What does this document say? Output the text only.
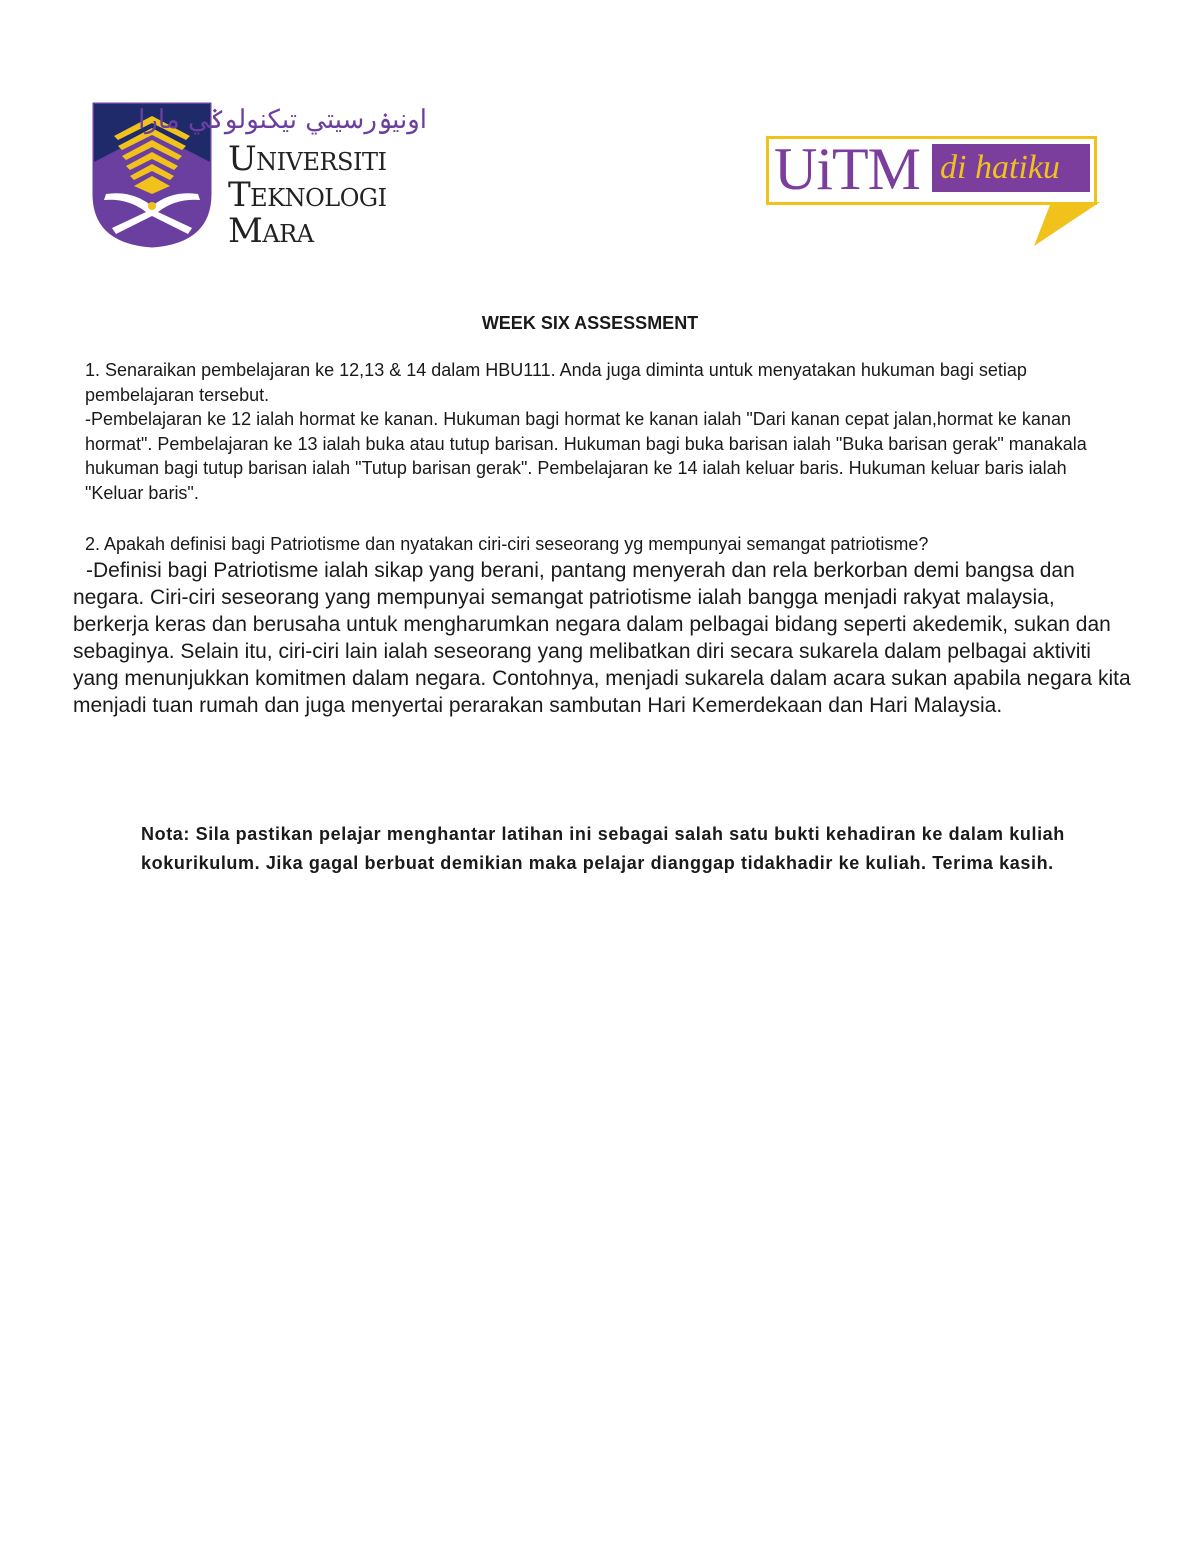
اونيۏرسيتي تيكنولوݢي مارا
Universiti
Teknologi
Mara
UiTM di hatiku
WEEK SIX ASSESSMENT

1. Senaraikan pembelajaran ke 12,13 & 14 dalam HBU111. Anda juga diminta untuk menyatakan hukuman bagi setiap pembelajaran tersebut.

-Pembelajaran ke 12 ialah hormat ke kanan. Hukuman bagi hormat ke kanan ialah "Dari kanan cepat jalan,hormat ke kanan hormat". Pembelajaran ke 13 ialah buka atau tutup barisan. Hukuman bagi buka barisan ialah "Buka barisan gerak" manakala hukuman bagi tutup barisan ialah "Tutup barisan gerak". Pembelajaran ke 14 ialah keluar baris. Hukuman keluar baris ialah "Keluar baris".

2. Apakah definisi bagi Patriotisme dan nyatakan ciri-ciri seseorang yg mempunyai semangat patriotisme?

-Definisi bagi Patriotisme ialah sikap yang berani, pantang menyerah dan rela berkorban demi bangsa dan negara. Ciri-ciri seseorang yang mempunyai semangat patriotisme ialah bangga menjadi rakyat malaysia, berkerja keras dan berusaha untuk mengharumkan negara dalam pelbagai bidang seperti akedemik, sukan dan sebaginya. Selain itu, ciri-ciri lain ialah seseorang yang melibatkan diri secara sukarela dalam pelbagai aktiviti yang menunjukkan komitmen dalam negara. Contohnya, menjadi sukarela dalam acara sukan apabila negara kita menjadi tuan rumah dan juga menyertai perarakan sambutan Hari Kemerdekaan dan Hari Malaysia.

Nota: Sila pastikan pelajar menghantar latihan ini sebagai salah satu bukti kehadiran ke dalam kuliah kokurikulum. Jika gagal berbuat demikian maka pelajar dianggap tidakhadir ke kuliah. Terima kasih.
